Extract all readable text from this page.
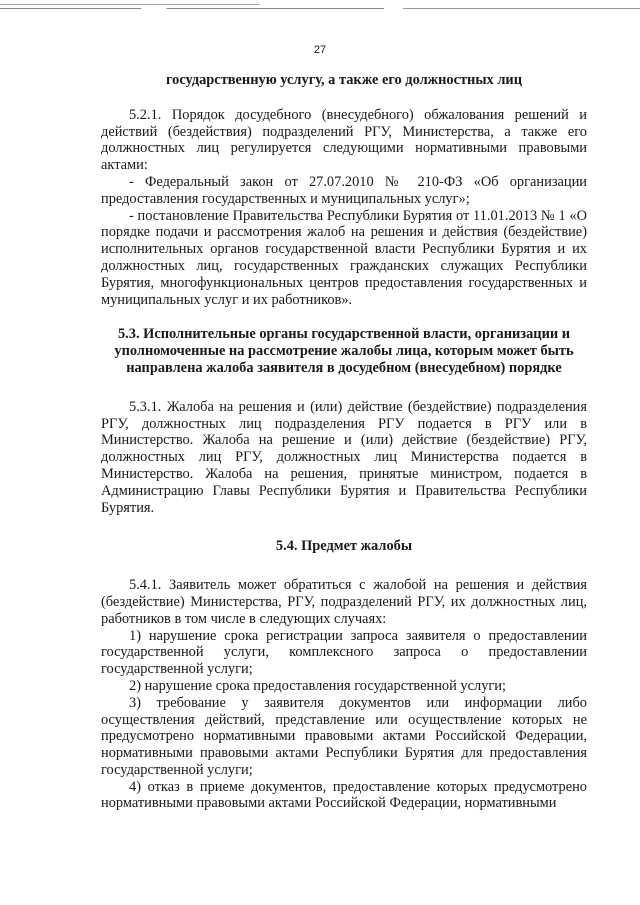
27

государственную услугу, а также его должностных лиц

5.2.1. Порядок досудебного (внесудебного) обжалования решений и действий (бездействия) подразделений РГУ, Министерства, а также его должностных лиц регулируется следующими нормативными правовыми актами:

- Федеральный закон от 27.07.2010 № 210-ФЗ «Об организации предоставления государственных и муниципальных услуг»;

- постановление Правительства Республики Бурятия от 11.01.2013 № 1 «О порядке подачи и рассмотрения жалоб на решения и действия (бездействие) исполнительных органов государственной власти Республики Бурятия и их должностных лиц, государственных гражданских служащих Республики Бурятия, многофункциональных центров предоставления государственных и муниципальных услуг и их работников».

5.3. Исполнительные органы государственной власти, организации и уполномоченные на рассмотрение жалобы лица, которым может быть направлена жалоба заявителя в досудебном (внесудебном) порядке

5.3.1. Жалоба на решения и (или) действие (бездействие) подразделения РГУ, должностных лиц подразделения РГУ подается в РГУ или в Министерство. Жалоба на решение и (или) действие (бездействие) РГУ, должностных лиц РГУ, должностных лиц Министерства подается в Министерство. Жалоба на решения, принятые министром, подается в Администрацию Главы Республики Бурятия и Правительства Республики Бурятия.

5.4. Предмет жалобы

5.4.1. Заявитель может обратиться с жалобой на решения и действия (бездействие) Министерства, РГУ, подразделений РГУ, их должностных лиц, работников в том числе в следующих случаях:

1) нарушение срока регистрации запроса заявителя о предоставлении государственной услуги, комплексного запроса о предоставлении государственной услуги;

2) нарушение срока предоставления государственной услуги;

3) требование у заявителя документов или информации либо осуществления действий, представление или осуществление которых не предусмотрено нормативными правовыми актами Российской Федерации, нормативными правовыми актами Республики Бурятия для предоставления государственной услуги;

4) отказ в приеме документов, предоставление которых предусмотрено нормативными правовыми актами Российской Федерации, нормативными
